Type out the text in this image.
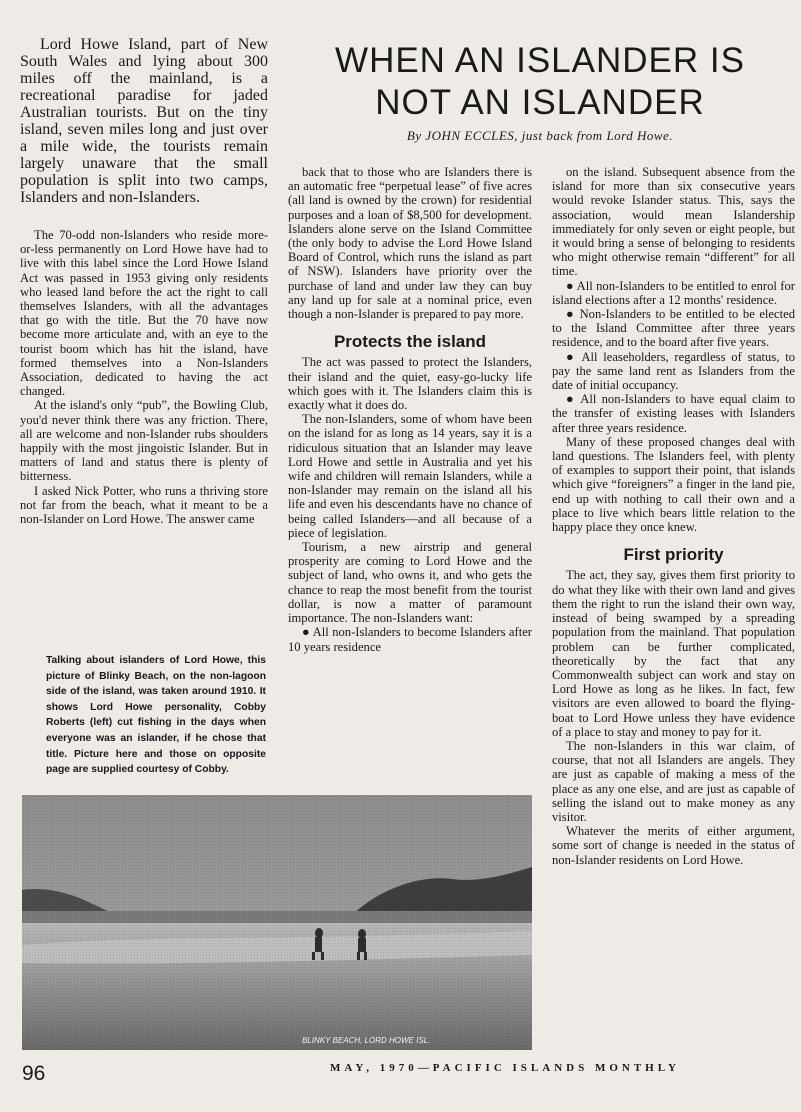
Lord Howe Island, part of New South Wales and lying about 300 miles off the mainland, is a recreational paradise for jaded Australian tourists. But on the tiny island, seven miles long and just over a mile wide, the tourists remain largely unaware that the small population is split into two camps, Islanders and non-Islanders.

The 70-odd non-Islanders who reside more-or-less permanently on Lord Howe have had to live with this label since the Lord Howe Island Act was passed in 1953 giving only residents who leased land before the act the right to call themselves Islanders, with all the advantages that go with the title. But the 70 have now become more articulate and, with an eye to the tourist boom which has hit the island, have formed themselves into a Non-Islanders Association, dedicated to having the act changed.

At the island's only “pub”, the Bowling Club, you'd never think there was any friction. There, all are welcome and non-Islander rubs shoulders happily with the most jingoistic Islander. But in matters of land and status there is plenty of bitterness.

I asked Nick Potter, who runs a thriving store not far from the beach, what it meant to be a non-Islander on Lord Howe. The answer came

WHEN AN ISLANDER IS
NOT AN ISLANDER
By JOHN ECCLES, just back from Lord Howe.

back that to those who are Islanders there is an automatic free “perpetual lease” of five acres (all land is owned by the crown) for residential purposes and a loan of $8,500 for development. Islanders alone serve on the Island Committee (the only body to advise the Lord Howe Island Board of Control, which runs the island as part of NSW). Islanders have priority over the purchase of land and under law they can buy any land up for sale at a nominal price, even though a non-Islander is prepared to pay more.

Protects the island

The act was passed to protect the Islanders, their island and the quiet, easy-go-lucky life which goes with it. The Islanders claim this is exactly what it does do.

The non-Islanders, some of whom have been on the island for as long as 14 years, say it is a ridiculous situation that an Islander may leave Lord Howe and settle in Australia and yet his wife and children will remain Islanders, while a non-Islander may remain on the island all his life and even his descendants have no chance of being called Islanders—and all because of a piece of legislation.

Tourism, a new airstrip and general prosperity are coming to Lord Howe and the subject of land, who owns it, and who gets the chance to reap the most benefit from the tourist dollar, is now a matter of paramount importance. The non-Islanders want:

● All non-Islanders to become Islanders after 10 years residence

on the island. Subsequent absence from the island for more than six consecutive years would revoke Islander status. This, says the association, would mean Islandership immediately for only seven or eight people, but it would bring a sense of belonging to residents who might otherwise remain “different” for all time.

● All non-Islanders to be entitled to enrol for island elections after a 12 months' residence.

● Non-Islanders to be entitled to be elected to the Island Committee after three years residence, and to the board after five years.

● All leaseholders, regardless of status, to pay the same land rent as Islanders from the date of initial occupancy.

● All non-Islanders to have equal claim to the transfer of existing leases with Islanders after three years residence.

Many of these proposed changes deal with land questions. The Islanders feel, with plenty of examples to support their point, that islands which give “foreigners” a finger in the land pie, end up with nothing to call their own and a place to live which bears little relation to the happy place they once knew.

First priority

The act, they say, gives them first priority to do what they like with their own land and gives them the right to run the island their own way, instead of being swamped by a spreading population from the mainland. That population problem can be further complicated, theoretically by the fact that any Commonwealth subject can work and stay on Lord Howe as long as he likes. In fact, few visitors are even allowed to board the flying-boat to Lord Howe unless they have evidence of a place to stay and money to pay for it.

The non-Islanders in this war claim, of course, that not all Islanders are angels. They are just as capable of making a mess of the place as any one else, and are just as capable of selling the island out to make money as any visitor.

Whatever the merits of either argument, some sort of change is needed in the status of non-Islander residents on Lord Howe.

Talking about islanders of Lord Howe, this picture of Blinky Beach, on the non-lagoon side of the island, was taken around 1910. It shows Lord Howe personality, Cobby Roberts (left) cut fishing in the days when everyone was an islander, if he chose that title. Picture here and those on opposite page are supplied courtesy of Cobby.
BLINKY BEACH, LORD HOWE ISL.
96	MAY, 1970—PACIFIC ISLANDS MONTHLY
